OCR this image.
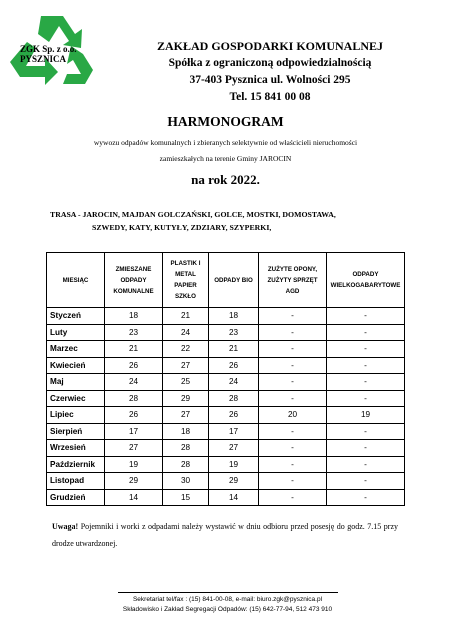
ZGK Sp. z o.o.
PYSZNICA
ZAKŁAD GOSPODARKI KOMUNALNEJ
Spółka z ograniczoną odpowiedzialnością
37-403 Pysznica ul. Wolności 295
Tel. 15 841 00 08
HARMONOGRAM
wywozu odpadów komunalnych i zbieranych selektywnie od właścicieli nieruchomości
zamieszkałych na terenie Gminy JAROCIN
na rok 2022.
TRASA - JAROCIN, MAJDAN GOLCZAŃSKI, GOLCE, MOSTKI, DOMOSTAWA,
SZWEDY, KATY, KUTYŁY, ZDZIARY, SZYPERKI,
MIESIĄC	ZMIESZANE ODPADY KOMUNALNE	PLASTIK I METAL PAPIER SZKŁO	ODPADY BIO	ZUŻYTE OPONY, ZUŻYTY SPRZĘT AGD	ODPADY WIELKOGABARYTOWE
Styczeń	18	21	18	-	-
Luty	23	24	23	-	-
Marzec	21	22	21	-	-
Kwiecień	26	27	26	-	-
Maj	24	25	24	-	-
Czerwiec	28	29	28	-	-
Lipiec	26	27	26	20	19
Sierpień	17	18	17	-	-
Wrzesień	27	28	27	-	-
Październik	19	28	19	-	-
Listopad	29	30	29	-	-
Grudzień	14	15	14	-	-
Uwaga! Pojemniki i worki z odpadami należy wystawić w dniu odbioru przed posesję do godz. 7.15 przy drodze utwardzonej.
Sekretariat tel/fax : (15) 841-00-08, e-mail: biuro.zgk@pysznica.pl
Składowisko i Zakład Segregacji Odpadów: (15) 642-77-94, 512 473 910
